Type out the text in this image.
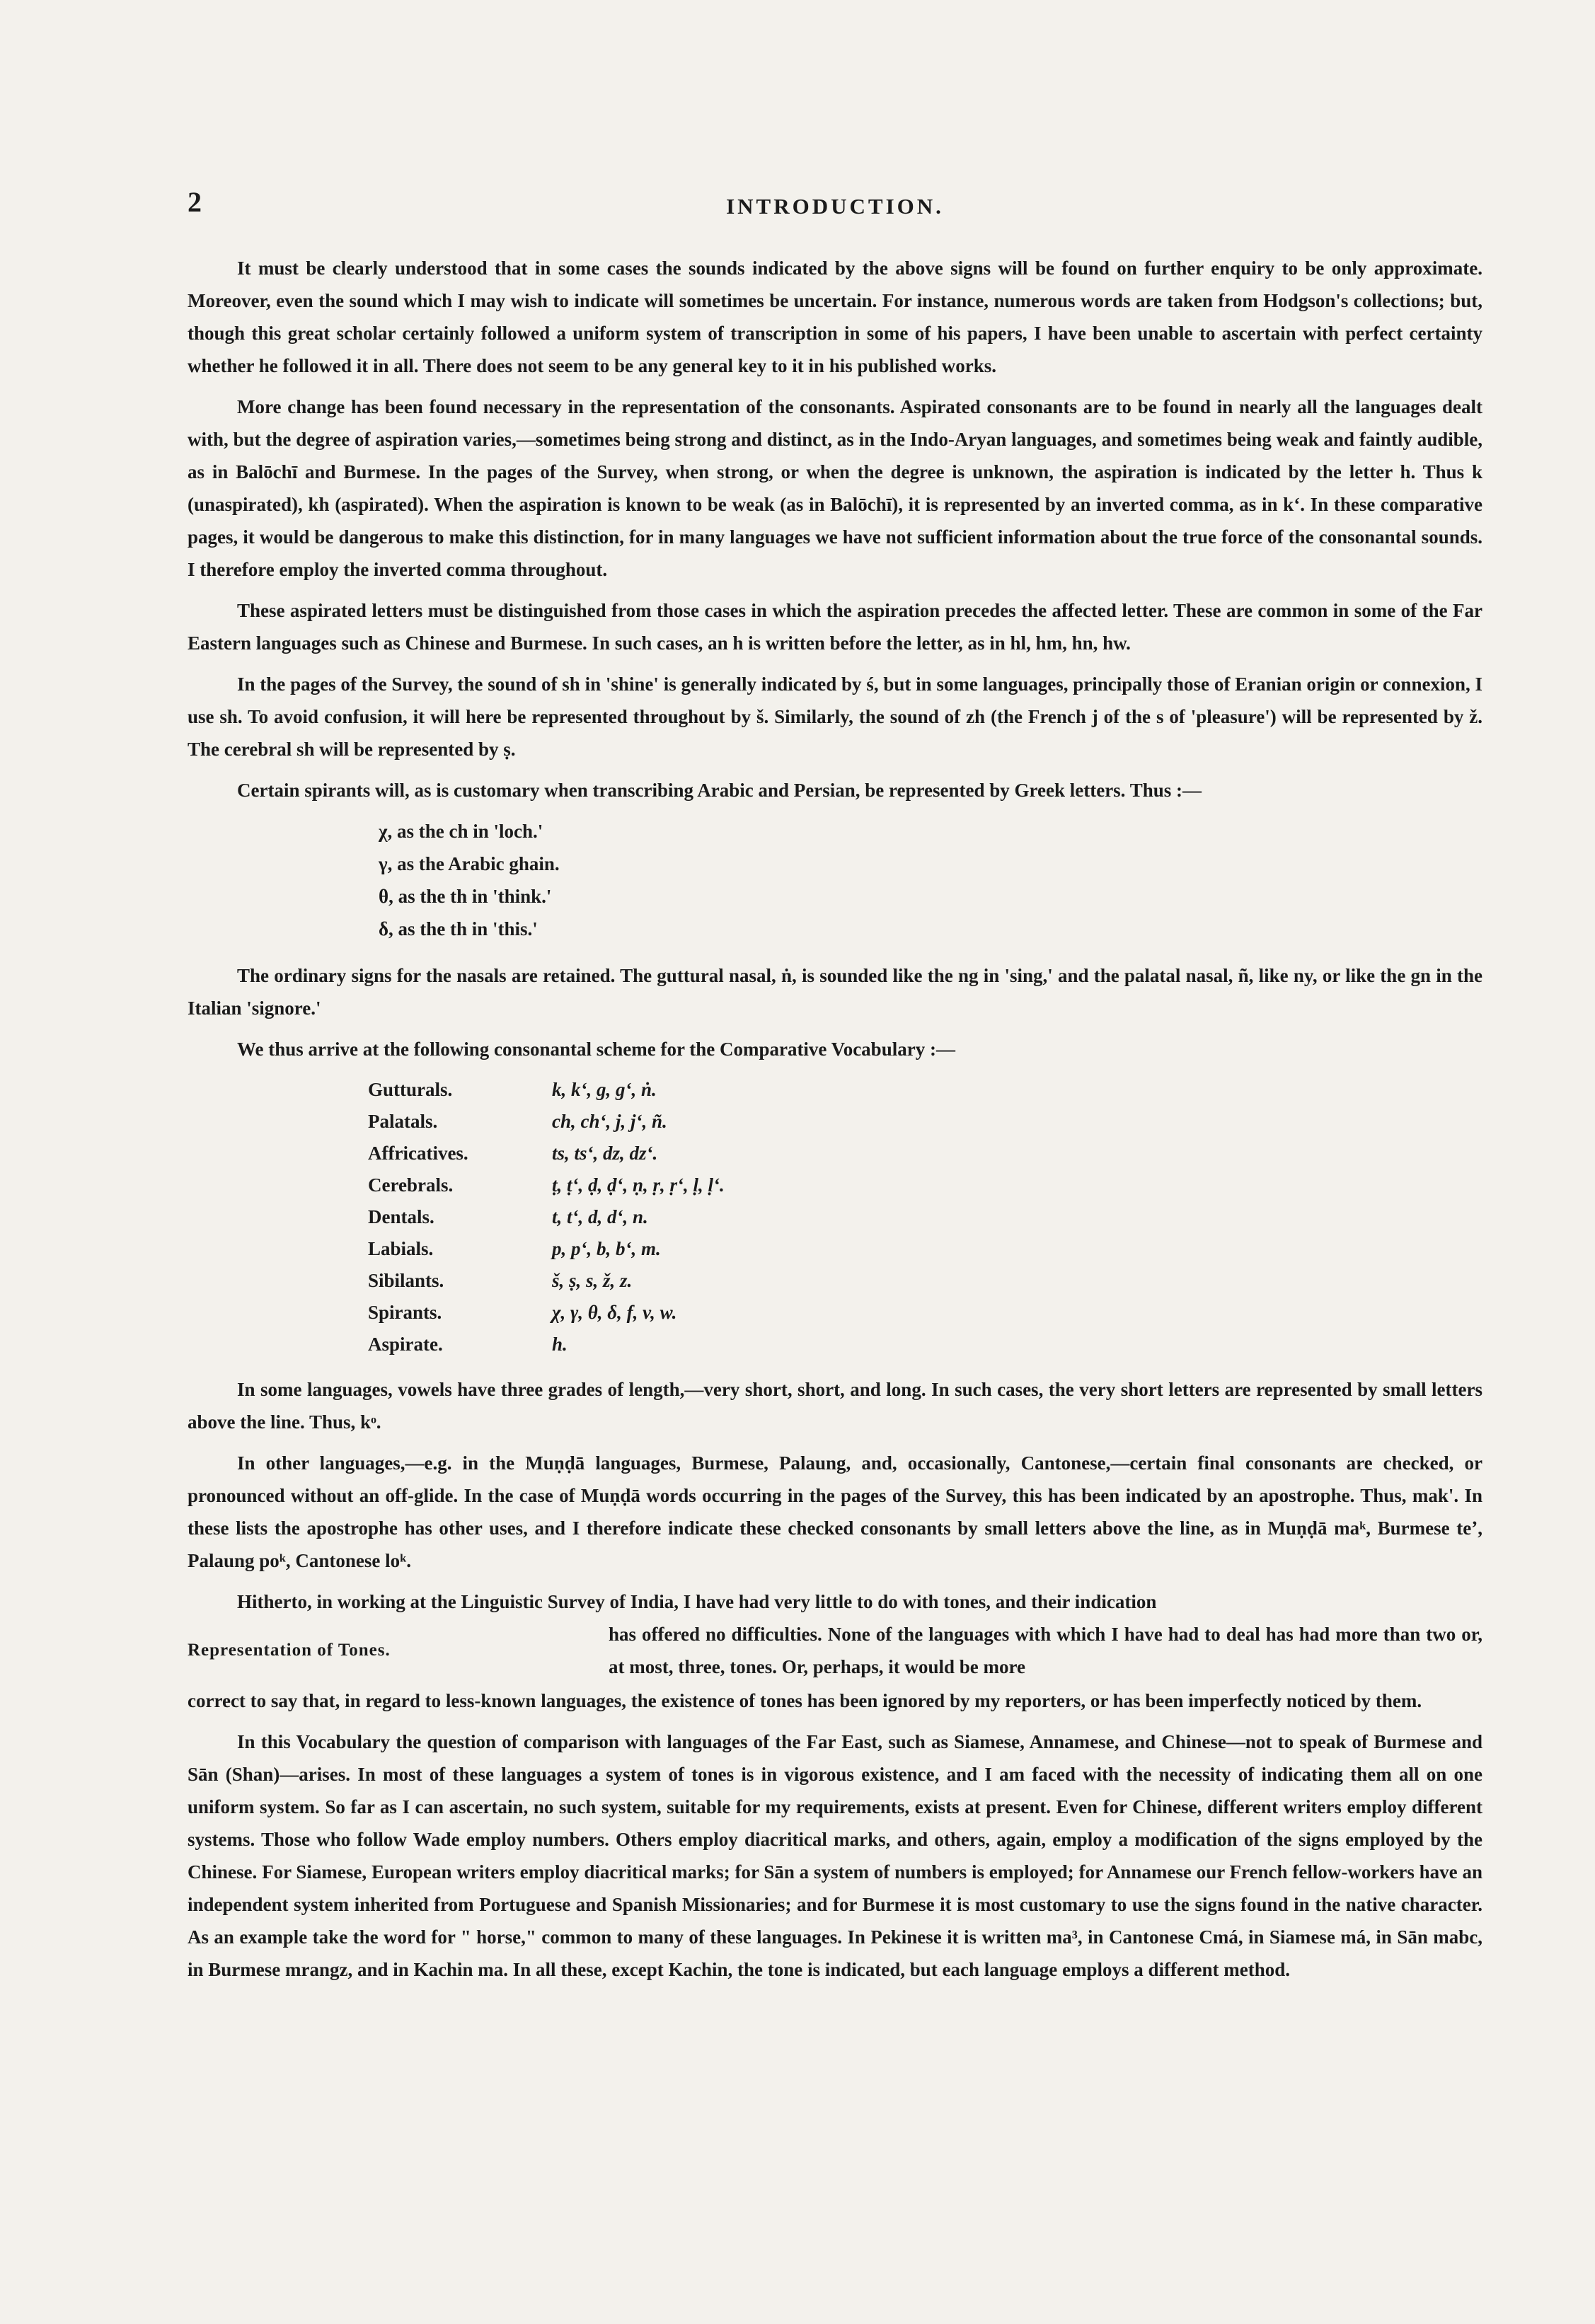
2	INTRODUCTION.

It must be clearly understood that in some cases the sounds indicated by the above signs will be found on further enquiry to be only approximate. Moreover, even the sound which I may wish to indicate will sometimes be uncertain. For instance, numerous words are taken from Hodgson's collections; but, though this great scholar certainly followed a uniform system of transcription in some of his papers, I have been unable to ascertain with perfect certainty whether he followed it in all. There does not seem to be any general key to it in his published works.

More change has been found necessary in the representation of the consonants. Aspirated consonants are to be found in nearly all the languages dealt with, but the degree of aspiration varies,—sometimes being strong and distinct, as in the Indo-Aryan languages, and sometimes being weak and faintly audible, as in Balōchī and Burmese. In the pages of the Survey, when strong, or when the degree is unknown, the aspiration is indicated by the letter h. Thus k (unaspirated), kh (aspirated). When the aspiration is known to be weak (as in Balōchī), it is represented by an inverted comma, as in kʻ. In these comparative pages, it would be dangerous to make this distinction, for in many languages we have not sufficient information about the true force of the consonantal sounds. I therefore employ the inverted comma throughout.

These aspirated letters must be distinguished from those cases in which the aspiration precedes the affected letter. These are common in some of the Far Eastern languages such as Chinese and Burmese. In such cases, an h is written before the letter, as in hl, hm, hn, hw.

In the pages of the Survey, the sound of sh in 'shine' is generally indicated by ś, but in some languages, principally those of Eranian origin or connexion, I use sh. To avoid confusion, it will here be represented throughout by š. Similarly, the sound of zh (the French j of the s of 'pleasure') will be represented by ž. The cerebral sh will be represented by ṣ.

Certain spirants will, as is customary when transcribing Arabic and Persian, be represented by Greek letters. Thus :—

χ, as the ch in 'loch.'
γ, as the Arabic ghain.
θ, as the th in 'think.'
δ, as the th in 'this.'

The ordinary signs for the nasals are retained. The guttural nasal, ṅ, is sounded like the ng in 'sing,' and the palatal nasal, ñ, like ny, or like the gn in the Italian 'signore.'

We thus arrive at the following consonantal scheme for the Comparative Vocabulary :—

Gutturals.	k, kʻ, g, gʻ, ṅ.
Palatals.	ch, chʻ, j, jʻ, ñ.
Affricatives.	ts, tsʻ, dz, dzʻ.
Cerebrals.	ṭ, ṭʻ, ḍ, ḍʻ, ṇ, ṛ, ṛʻ, ḷ, ḷʻ.
Dentals.	t, tʻ, d, dʻ, n.
Labials.	p, pʻ, b, bʻ, m.
Sibilants.	š, ṣ, s, ž, z.
Spirants.	χ, γ, θ, δ, f, v, w.
Aspirate.	h.

In some languages, vowels have three grades of length,—very short, short, and long. In such cases, the very short letters are represented by small letters above the line. Thus, kᵒ.

In other languages,—e.g. in the Muṇḍā languages, Burmese, Palaung, and, occasionally, Cantonese,—certain final consonants are checked, or pronounced without an off-glide. In the case of Muṇḍā words occurring in the pages of the Survey, this has been indicated by an apostrophe. Thus, mak'. In these lists the apostrophe has other uses, and I therefore indicate these checked consonants by small letters above the line, as in Muṇḍā maᵏ, Burmese teʼ, Palaung poᵏ, Cantonese loᵏ.

Hitherto, in working at the Linguistic Survey of India, I have had very little to do with tones, and their indication

Representation of Tones.

has offered no difficulties. None of the languages with which I have had to deal has had more than two or, at most, three, tones. Or, perhaps, it would be more

correct to say that, in regard to less-known languages, the existence of tones has been ignored by my reporters, or has been imperfectly noticed by them.

In this Vocabulary the question of comparison with languages of the Far East, such as Siamese, Annamese, and Chinese—not to speak of Burmese and Sān (Shan)—arises. In most of these languages a system of tones is in vigorous existence, and I am faced with the necessity of indicating them all on one uniform system. So far as I can ascertain, no such system, suitable for my requirements, exists at present. Even for Chinese, different writers employ different systems. Those who follow Wade employ numbers. Others employ diacritical marks, and others, again, employ a modification of the signs employed by the Chinese. For Siamese, European writers employ diacritical marks; for Sān a system of numbers is employed; for Annamese our French fellow-workers have an independent system inherited from Portuguese and Spanish Missionaries; and for Burmese it is most customary to use the signs found in the native character. As an example take the word for " horse," common to many of these languages. In Pekinese it is written ma³, in Cantonese Cmá, in Siamese má, in Sān mabc, in Burmese mrangz, and in Kachin ma. In all these, except Kachin, the tone is indicated, but each language employs a different method.
